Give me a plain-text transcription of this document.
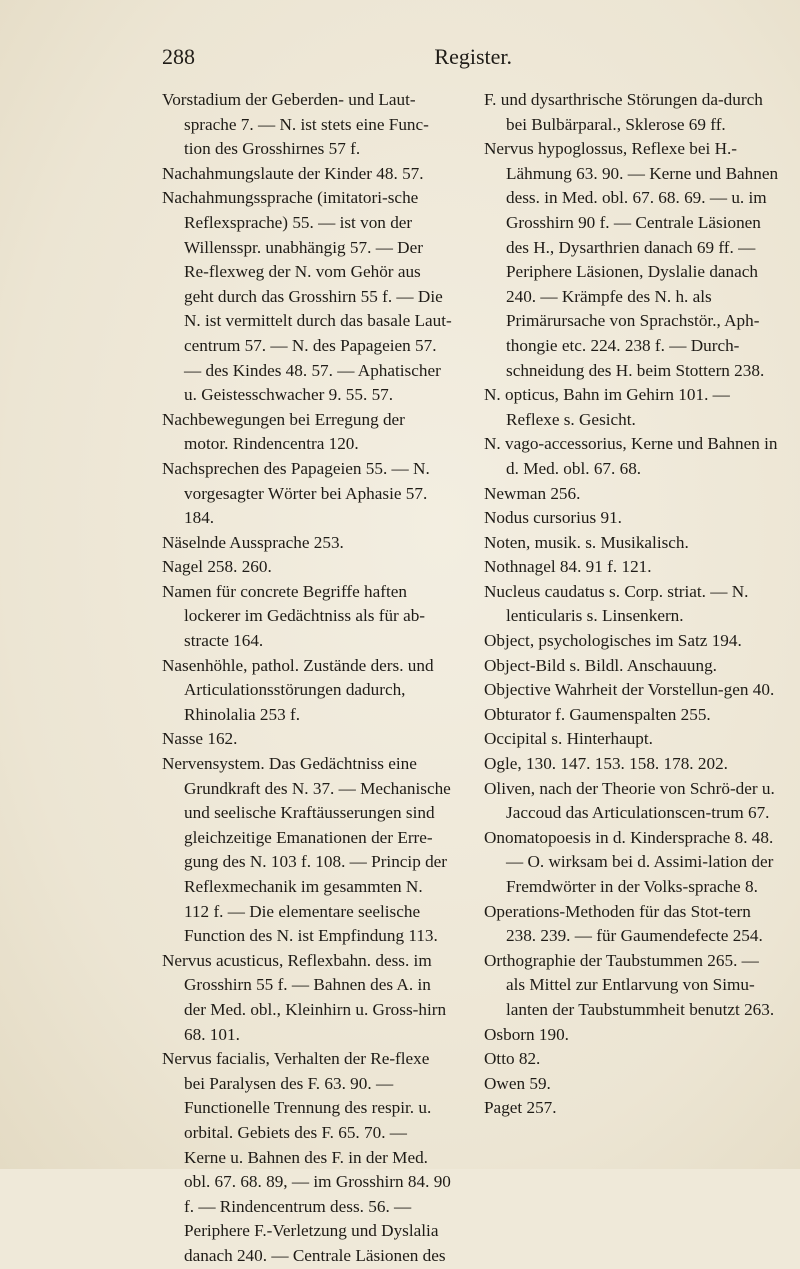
288	Register.

Vorstadium der Geberden- und Laut-sprache 7. — N. ist stets eine Func-tion des Grosshirnes 57 f.

Nachahmungslaute der Kinder 48. 57.

Nachahmungssprache (imitatori-sche Reflexsprache) 55. — ist von der Willensspr. unabhängig 57. — Der Re-flexweg der N. vom Gehör aus geht durch das Grosshirn 55 f. — Die N. ist vermittelt durch das basale Laut-centrum 57. — N. des Papageien 57. — des Kindes 48. 57. — Aphatischer u. Geistesschwacher 9. 55. 57.

Nachbewegungen bei Erregung der motor. Rindencentra 120.

Nachsprechen des Papageien 55. — N. vorgesagter Wörter bei Aphasie 57. 184.

Näselnde Aussprache 253.

Nagel 258. 260.

Namen für concrete Begriffe haften lockerer im Gedächtniss als für ab-stracte 164.

Nasenhöhle, pathol. Zustände ders. und Articulationsstörungen dadurch, Rhinolalia 253 f.

Nasse 162.

Nervensystem. Das Gedächtniss eine Grundkraft des N. 37. — Mechanische und seelische Kraftäusserungen sind gleichzeitige Emanationen der Erre-gung des N. 103 f. 108. — Princip der Reflexmechanik im gesammten N. 112 f. — Die elementare seelische Function des N. ist Empfindung 113.

Nervus acusticus, Reflexbahn. dess. im Grosshirn 55 f. — Bahnen des A. in der Med. obl., Kleinhirn u. Gross-hirn 68. 101.

Nervus facialis, Verhalten der Re-flexe bei Paralysen des F. 63. 90. — Functionelle Trennung des respir. u. orbital. Gebiets des F. 65. 70. — Kerne u. Bahnen des F. in der Med. obl. 67. 68. 89, — im Grosshirn 84. 90 f. — Rindencentrum dess. 56. — Periphere F.-Verletzung und Dyslalia danach 240. — Centrale Läsionen des

F. und dysarthrische Störungen da-durch bei Bulbärparal., Sklerose 69 ff.

Nervus hypoglossus, Reflexe bei H.-Lähmung 63. 90. — Kerne und Bahnen dess. in Med. obl. 67. 68. 69. — u. im Grosshirn 90 f. — Centrale Läsionen des H., Dysarthrien danach 69 ff. — Periphere Läsionen, Dyslalie danach 240. — Krämpfe des N. h. als Primärursache von Sprachstör., Aph-thongie etc. 224. 238 f. — Durch-schneidung des H. beim Stottern 238.

N. opticus, Bahn im Gehirn 101. — Reflexe s. Gesicht.

N. vago-accessorius, Kerne und Bahnen in d. Med. obl. 67. 68.

Newman 256.

Nodus cursorius 91.

Noten, musik. s. Musikalisch.

Nothnagel 84. 91 f. 121.

Nucleus caudatus s. Corp. striat. — N. lenticularis s. Linsenkern.

Object, psychologisches im Satz 194.

Object-Bild s. Bildl. Anschauung.

Objective Wahrheit der Vorstellun-gen 40.

Obturator f. Gaumenspalten 255.

Occipital s. Hinterhaupt.

Ogle, 130. 147. 153. 158. 178. 202.

Oliven, nach der Theorie von Schrö-der u. Jaccoud das Articulationscen-trum 67.

Onomatopoesis in d. Kindersprache 8. 48. — O. wirksam bei d. Assimi-lation der Fremdwörter in der Volks-sprache 8.

Operations-Methoden für das Stot-tern 238. 239. — für Gaumendefecte 254.

Orthographie der Taubstummen 265. — als Mittel zur Entlarvung von Simu-lanten der Taubstummheit benutzt 263.

Osborn 190.

Otto 82.

Owen 59.

Paget 257.
